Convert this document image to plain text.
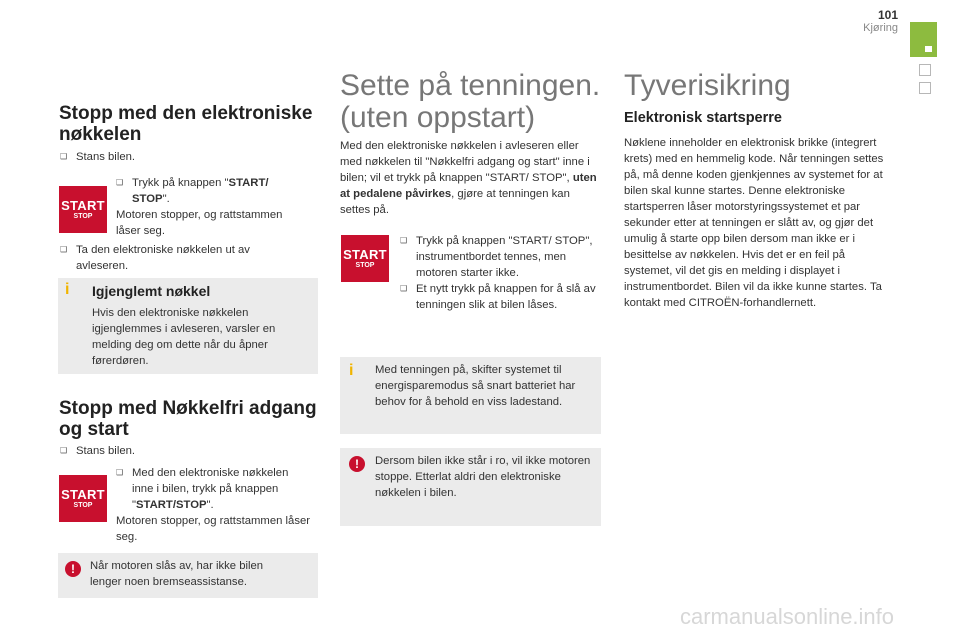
101
Kjøring
Stopp med den elektroniske nøkkelen
❑ Stans bilen.
START
STOP
❑ Trykk på knappen "START/
STOP".

Motoren stopper, og rattstammen låser seg.

❑ Ta den elektroniske nøkkelen ut av avleseren.
i Igjenglemt nøkkel

Hvis den elektroniske nøkkelen igjenglemmes i avleseren, varsler en melding deg om dette når du åpner førerdøren.

Stopp med Nøkkelfri adgang og start
❑ Stans bilen.
START
STOP
❑ Med den elektroniske nøkkelen inne i bilen, trykk på knappen "START/STOP".

Motoren stopper, og rattstammen låser seg.

!	Når motoren slås av, har ikke bilen lenger noen bremseassistanse.

Sette på tenningen. (uten oppstart)

Med den elektroniske nøkkelen i avleseren eller med nøkkelen til "Nøkkelfri adgang og start" inne i bilen; vil et trykk på knappen "START/ STOP", uten at pedalene påvirkes, gjøre at tenningen kan settes på.

START
STOP
❑ Trykk på knappen "START/ STOP", instrumentbordet tennes, men motoren starter ikke.
❑ Et nytt trykk på knappen for å slå av tenningen slik at bilen låses.
i Med tenningen på, skifter systemet til energisparemodus så snart batteriet har behov for å behold en viss ladestand.

!	Dersom bilen ikke står i ro, vil ikke motoren stoppe. Etterlat aldri den elektroniske nøkkelen i bilen.

Tyverisikring
Elektronisk startsperre

Nøklene inneholder en elektronisk brikke (integrert krets) med en hemmelig kode. Når tenningen settes på, må denne koden gjenkjennes av systemet for at bilen skal kunne startes. Denne elektroniske startsperren låser motorstyringssystemet et par sekunder etter at tenningen er slått av, og gjør det umulig å starte opp bilen dersom man ikke er i besittelse av nøkkelen. Hvis det er en feil på systemet, vil det gis en melding i displayet i instrumentbordet. Bilen vil da ikke kunne startes. Ta kontakt med CITROËN-forhandlernett.

carmanualsonline.info
